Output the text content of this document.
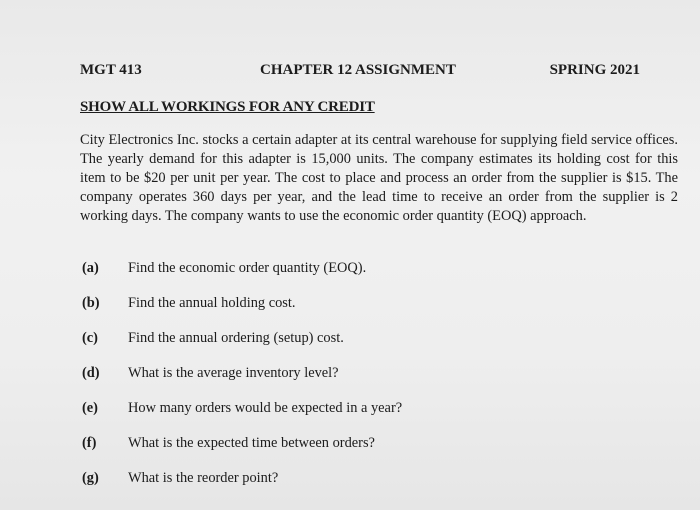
MGT 413	CHAPTER 12 ASSIGNMENT	SPRING 2021
SHOW ALL WORKINGS FOR ANY CREDIT
City Electronics Inc. stocks a certain adapter at its central warehouse for supplying field service offices. The yearly demand for this adapter is 15,000 units. The company estimates its holding cost for this item to be $20 per unit per year. The cost to place and process an order from the supplier is $15. The company operates 360 days per year, and the lead time to receive an order from the supplier is 2 working days. The company wants to use the economic order quantity (EOQ) approach.
(a) Find the economic order quantity (EOQ).
(b) Find the annual holding cost.
(c) Find the annual ordering (setup) cost.
(d) What is the average inventory level?
(e) How many orders would be expected in a year?
(f) What is the expected time between orders?
(g) What is the reorder point?
